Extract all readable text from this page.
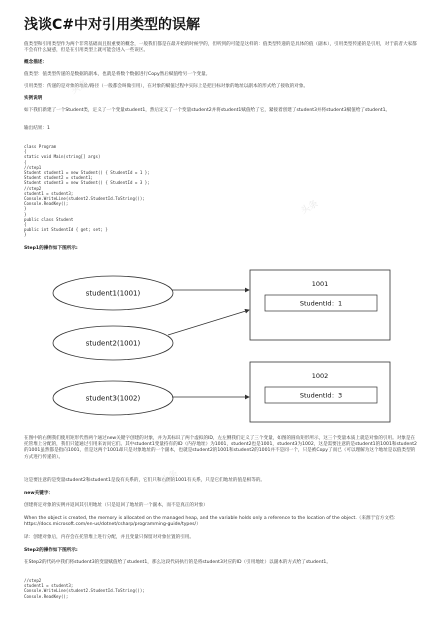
浅谈C#中对引用类型的误解
值类型和引用类型作为两个非常基础而且很重要的概念，一般我们都是在最开始的时候学的，但听到的可能是这样的：值类型传递的是具体的值（副本），引用类型传递的是引用，对于前者大家都不会有什么疑惑，但是在引用类型上就可能会进入一些误区。
概念描述：
值类型：值类型传递的是数据的副本，也就是将数个数据进行Copy然后赋值给另一个变量。
引用类型：传递的是对象的地址/路径（一般都会叫做引用），在对象的赋值过程中实际上是把目标对象的地址以副本的形式给了接收的对象。
实例说明
如下我们新建了一个Student类，定义了一个变量student1，然后定义了一个变量student2并将student1赋值给了它，紧接着创建了student3并将student3赋值给了student1。
输出结果：1
class Program
{
static void Main(string[] args)
{
//step1
Student student1 = new Student() { StudentId = 1 };
Student student2 = student1;
Student student3 = new Student() { StudentId = 3 };
//step2
student1 = student3;
Console.WriteLine(student2.StudentId.ToString());
Console.ReadKey();
}
}
public class Student
{
public int StudentId { get; set; }
}
Step1的操作如下图所示:
student1(1001)
student2(1001)
student3(1002)
1001
StudentId：1
1002
StudentId：3
在图中的右侧我们使用矩形代替两个通过new关键字创建的对象，并为其标识了两个虚拟的ID，左左侧我们定义了三个变量，如图的圆角矩形所示，这三个变量本质上就是对象的引用。对象是在托管堆上分配的，我们只能通过引用来访问它们。其中student1变量持有的ID（内存地址）为1001，student2也是1001，student3为1002，这是需要注意的是student1的1001和student2的1001虽然都是指向1001，但是这两个1001却只是对象地址的一个副本，也就是student2的1001和student2的1001并不是同一个，只是被Copy了而已（可以理解为这个地址是以值类型的方式进行传递的）。
这是要注意的是变量student2和student1是没有关系的，它们只和右侧的1001有关系，只是它们地址的值是相等的。
new关键字：
创建将定对象的实例并返回其引用地址（只是返回了地址的一个副本，而不是真正的对象）
When the object is created, the memory is allocated on the managed heap, and the variable holds only a reference to the location of the object.（来源于官方文档：https://docs.microsoft.com/en-us/dotnet/csharp/programming-guide/types/）
译：创建对象后，内存会在托管堆上进行分配，并且变量只保留对对象位置的引用。
Step2的操作如下图所示:
在Step2的代码中我们将student3的变量赋值给了student1，那么这段代码执行的是将student3对应的ID（引用地址）以副本的方式给了student1。
//step2
student1 = student3;
Console.WriteLine(student2.StudentId.ToString());
Console.ReadKey();
头条
头条
头条
